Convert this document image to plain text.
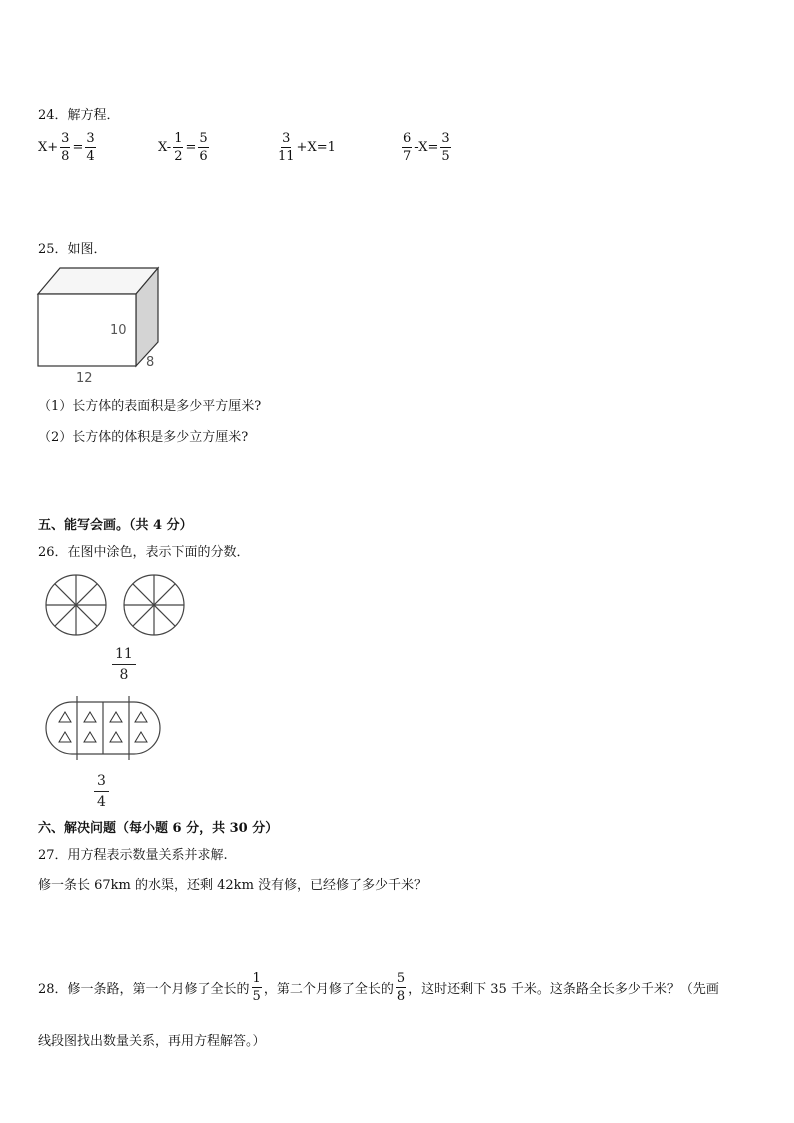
24．解方程．
$X+ \frac{3}{8} = \frac{3}{4}$	$X- \frac{1}{2} = \frac{5}{6}$	$\frac{3}{11} +X=1$	$\frac{6}{7} -X= \frac{3}{5}$
25．如图．
10
8
12
（1）长方体的表面积是多少平方厘米?
（2）长方体的体积是多少立方厘米?
五、能写会画。（共 4 分）
26．在图中涂色，表示下面的分数．
$\frac{11}{8}$
$\frac{3}{4}$
六、解决问题（每小题 6 分，共 30 分）
27．用方程表示数量关系并求解.
修一条长 67km 的水渠，还剩 42km 没有修，已经修了多少千米？
28．修一条路，第一个月修了全长的 $\frac{1}{5}$ ，第二个月修了全长的 $\frac{5}{8}$ ，这时还剩下 35 千米。这条路全长多少千米？（先画
线段图找出数量关系，再用方程解答。）
